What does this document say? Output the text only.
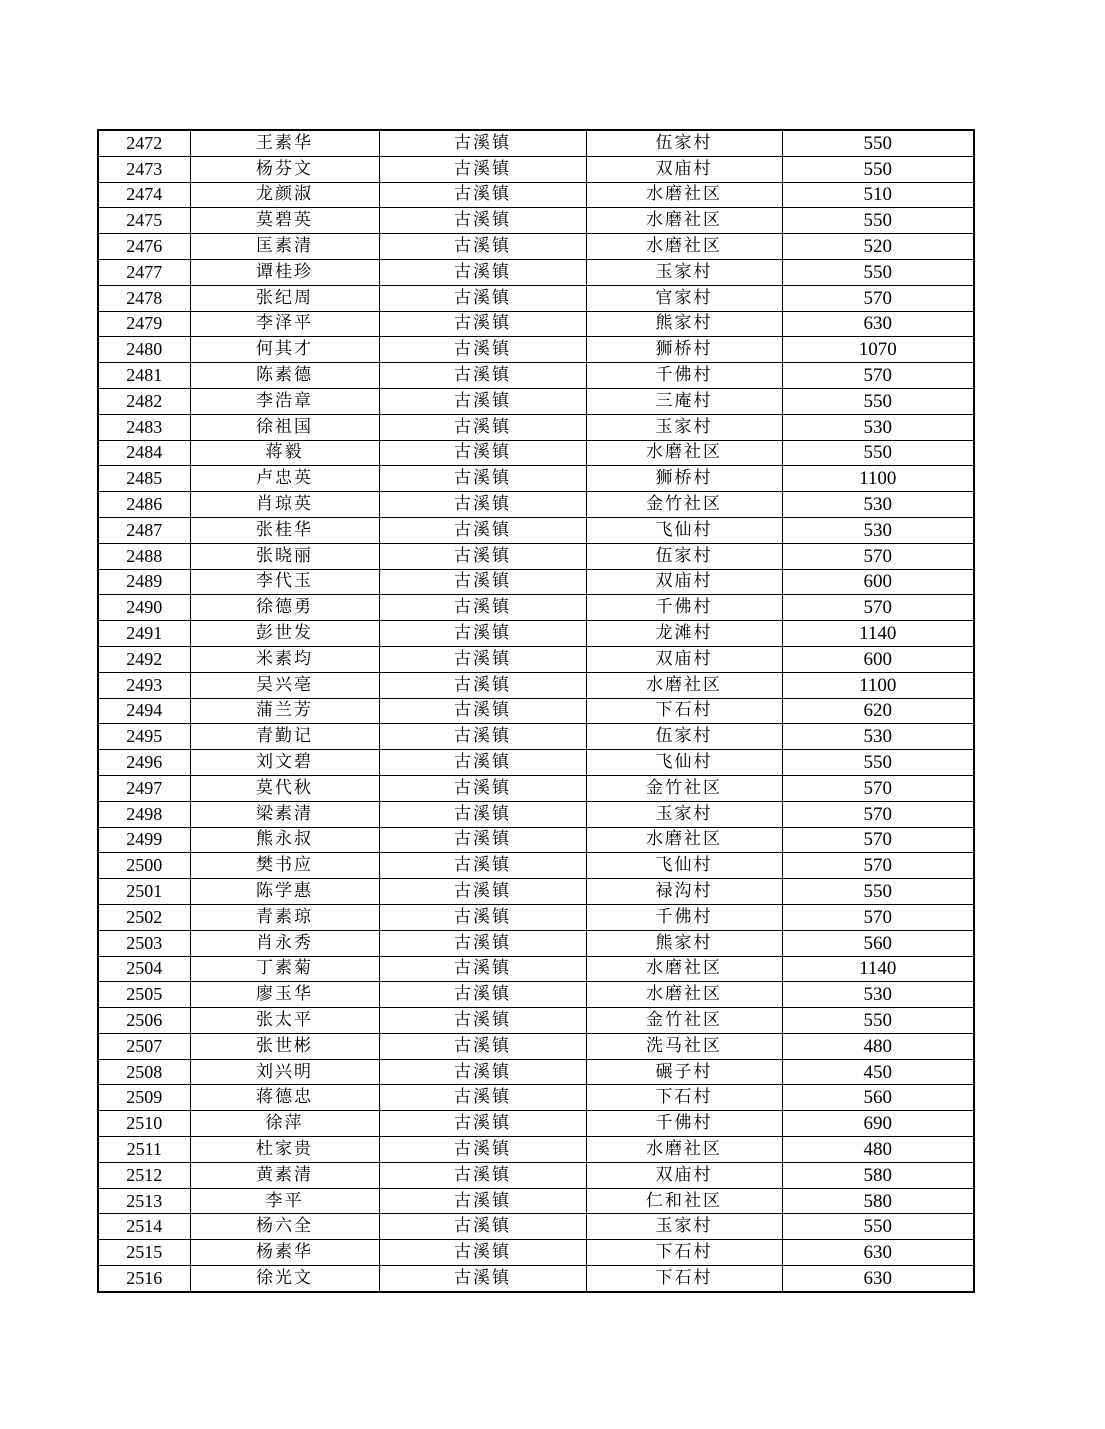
2472	王素华	古溪镇	伍家村	550
2473	杨芬文	古溪镇	双庙村	550
2474	龙颜淑	古溪镇	水磨社区	510
2475	莫碧英	古溪镇	水磨社区	550
2476	匡素清	古溪镇	水磨社区	520
2477	谭桂珍	古溪镇	玉家村	550
2478	张纪周	古溪镇	官家村	570
2479	李泽平	古溪镇	熊家村	630
2480	何其才	古溪镇	狮桥村	1070
2481	陈素德	古溪镇	千佛村	570
2482	李浩章	古溪镇	三庵村	550
2483	徐祖国	古溪镇	玉家村	530
2484	蒋毅	古溪镇	水磨社区	550
2485	卢忠英	古溪镇	狮桥村	1100
2486	肖琼英	古溪镇	金竹社区	530
2487	张桂华	古溪镇	飞仙村	530
2488	张晓丽	古溪镇	伍家村	570
2489	李代玉	古溪镇	双庙村	600
2490	徐德勇	古溪镇	千佛村	570
2491	彭世发	古溪镇	龙滩村	1140
2492	米素均	古溪镇	双庙村	600
2493	吴兴亳	古溪镇	水磨社区	1100
2494	蒲兰芳	古溪镇	下石村	620
2495	青勤记	古溪镇	伍家村	530
2496	刘文碧	古溪镇	飞仙村	550
2497	莫代秋	古溪镇	金竹社区	570
2498	梁素清	古溪镇	玉家村	570
2499	熊永叔	古溪镇	水磨社区	570
2500	樊书应	古溪镇	飞仙村	570
2501	陈学惠	古溪镇	禄沟村	550
2502	青素琼	古溪镇	千佛村	570
2503	肖永秀	古溪镇	熊家村	560
2504	丁素菊	古溪镇	水磨社区	1140
2505	廖玉华	古溪镇	水磨社区	530
2506	张太平	古溪镇	金竹社区	550
2507	张世彬	古溪镇	洗马社区	480
2508	刘兴明	古溪镇	碾子村	450
2509	蒋德忠	古溪镇	下石村	560
2510	徐萍	古溪镇	千佛村	690
2511	杜家贵	古溪镇	水磨社区	480
2512	黄素清	古溪镇	双庙村	580
2513	李平	古溪镇	仁和社区	580
2514	杨六全	古溪镇	玉家村	550
2515	杨素华	古溪镇	下石村	630
2516	徐光文	古溪镇	下石村	630
